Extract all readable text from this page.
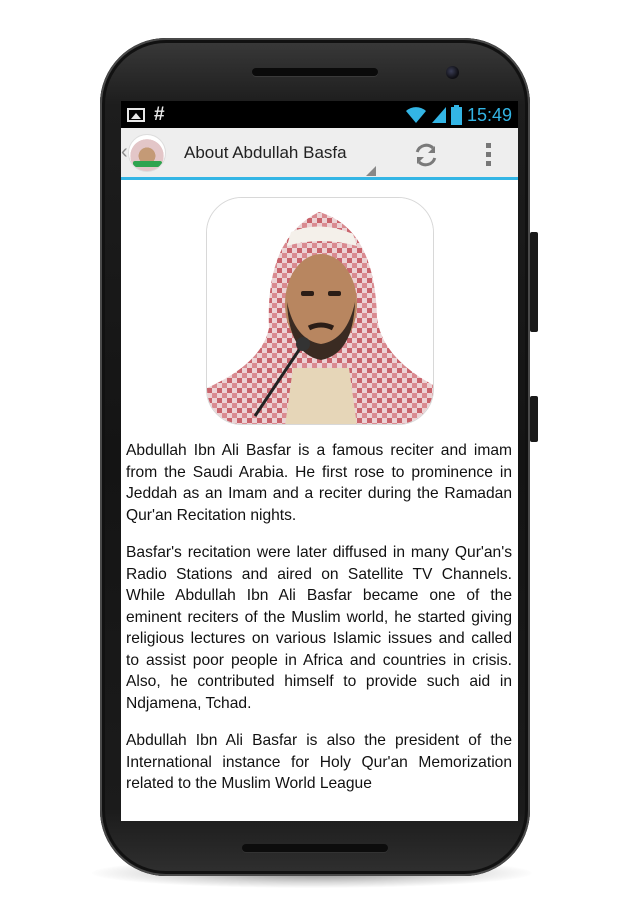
#	15:49
‹	About Abdullah Basfa

Abdullah Ibn Ali Basfar is a famous reciter and imam from the Saudi Arabia. He first rose to prominence in Jeddah as an Imam and a reciter during the Ramadan Qur'an Recitation nights.

Basfar's recitation were later diffused in many Qur'an's Radio Stations and aired on Satellite TV Channels. While Abdullah Ibn Ali Basfar became one of the eminent reciters of the Muslim world, he started giving religious lectures on various Islamic issues and called to assist poor people in Africa and countries in crisis. Also, he contributed himself to provide such aid in Ndjamena, Tchad.

Abdullah Ibn Ali Basfar is also the president of the International instance for Holy Qur'an Memorization related to the Muslim World League
